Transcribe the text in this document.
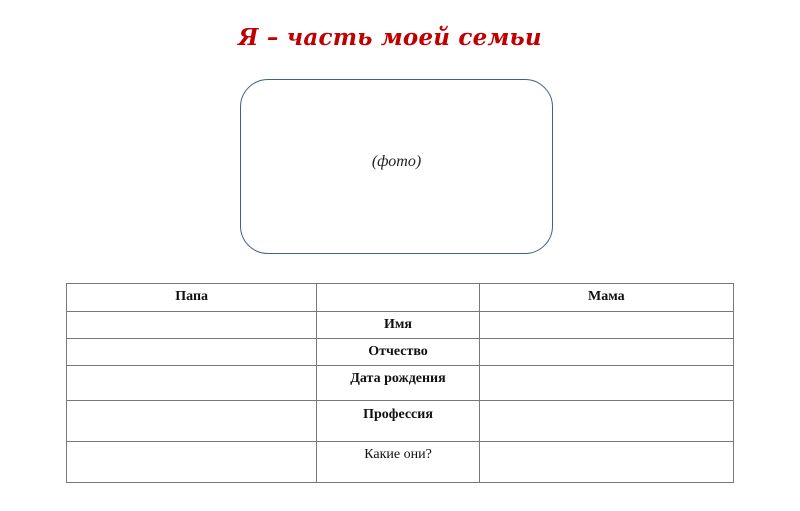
Я – часть моей семьи
(фото)
Папа		Мама

	Имя	

	Отчество	

	Дата рождения	

	Профессия	

	Какие они?	
